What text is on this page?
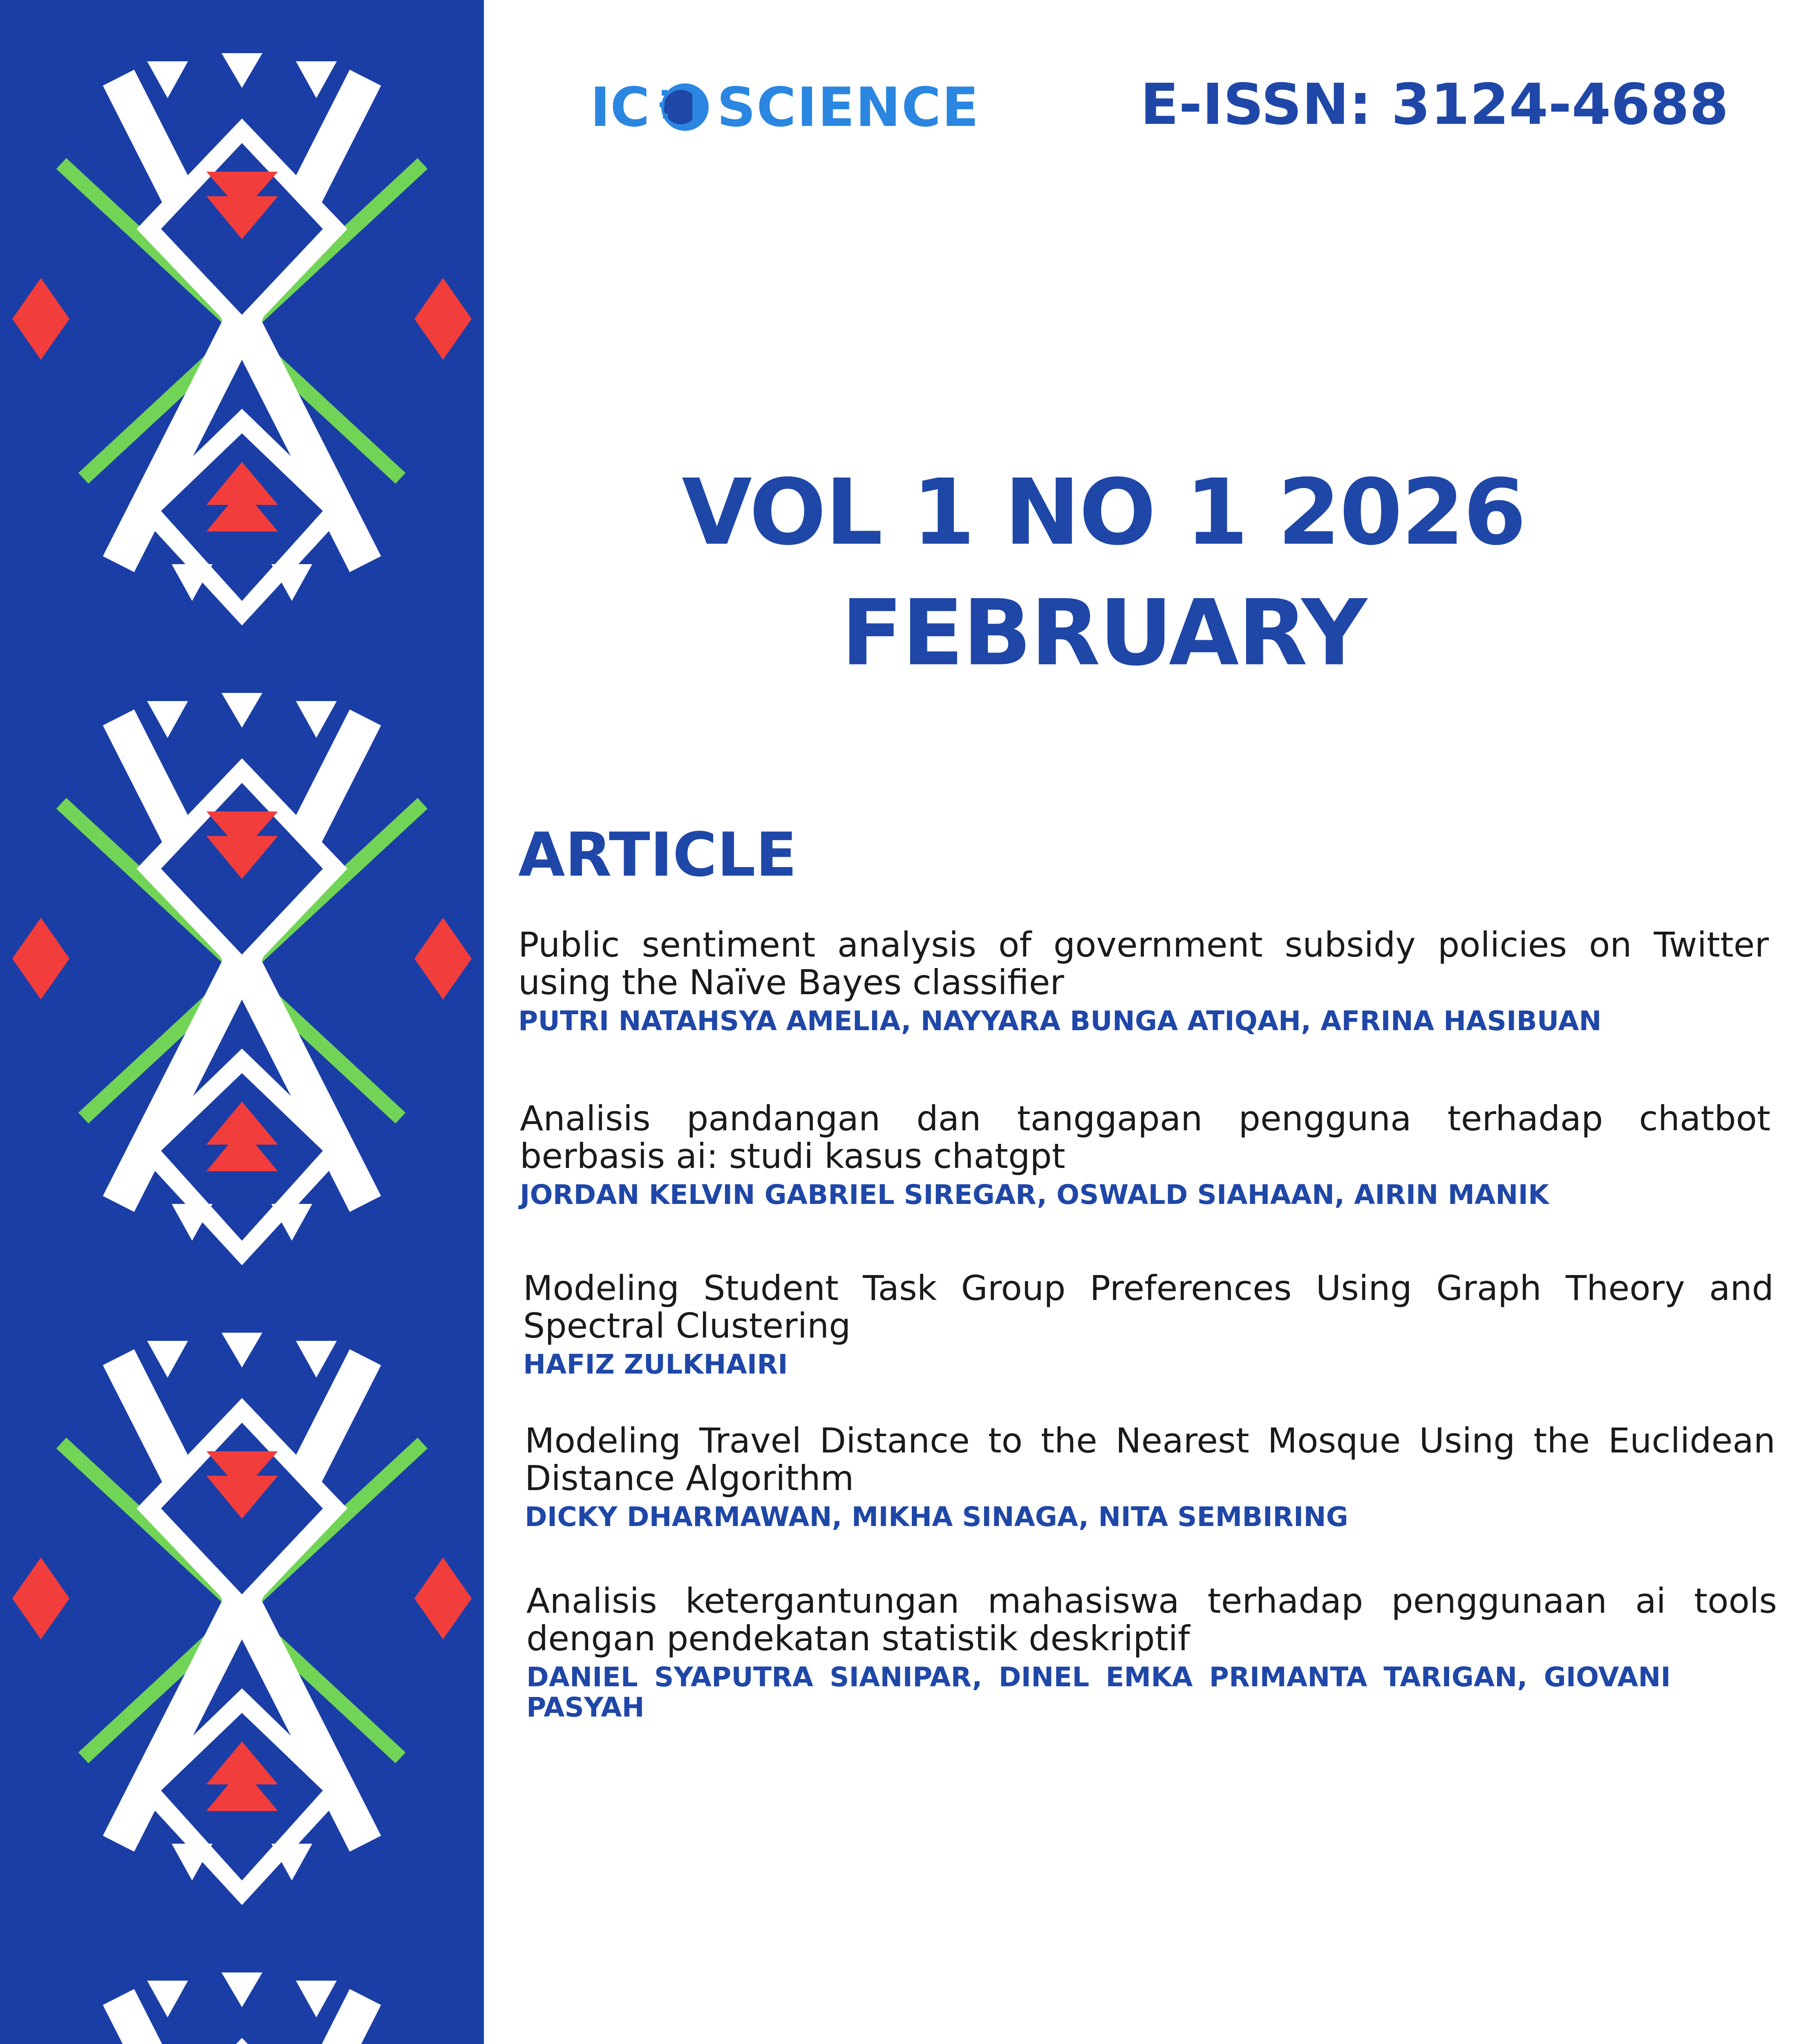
IC SCIENCE	E-ISSN: 3124-4688
VOL 1 NO 1 2026
FEBRUARY
ARTICLE
Public sentiment analysis of government subsidy policies on Twitter using the Naïve Bayes classifier
PUTRI NATAHSYA AMELIA, NAYYARA BUNGA ATIQAH, AFRINA HASIBUAN
Analisis pandangan dan tanggapan pengguna terhadap chatbot berbasis ai: studi kasus chatgpt
JORDAN KELVIN GABRIEL SIREGAR, OSWALD SIAHAAN, AIRIN MANIK
Modeling Student Task Group Preferences Using Graph Theory and Spectral Clustering
HAFIZ ZULKHAIRI
Modeling Travel Distance to the Nearest Mosque Using the Euclidean Distance Algorithm
DICKY DHARMAWAN, MIKHA SINAGA, NITA SEMBIRING
Analisis ketergantungan mahasiswa terhadap penggunaan ai tools dengan pendekatan statistik deskriptif
DANIEL SYAPUTRA SIANIPAR, DINEL EMKA PRIMANTA TARIGAN, GIOVANI PASYAH
